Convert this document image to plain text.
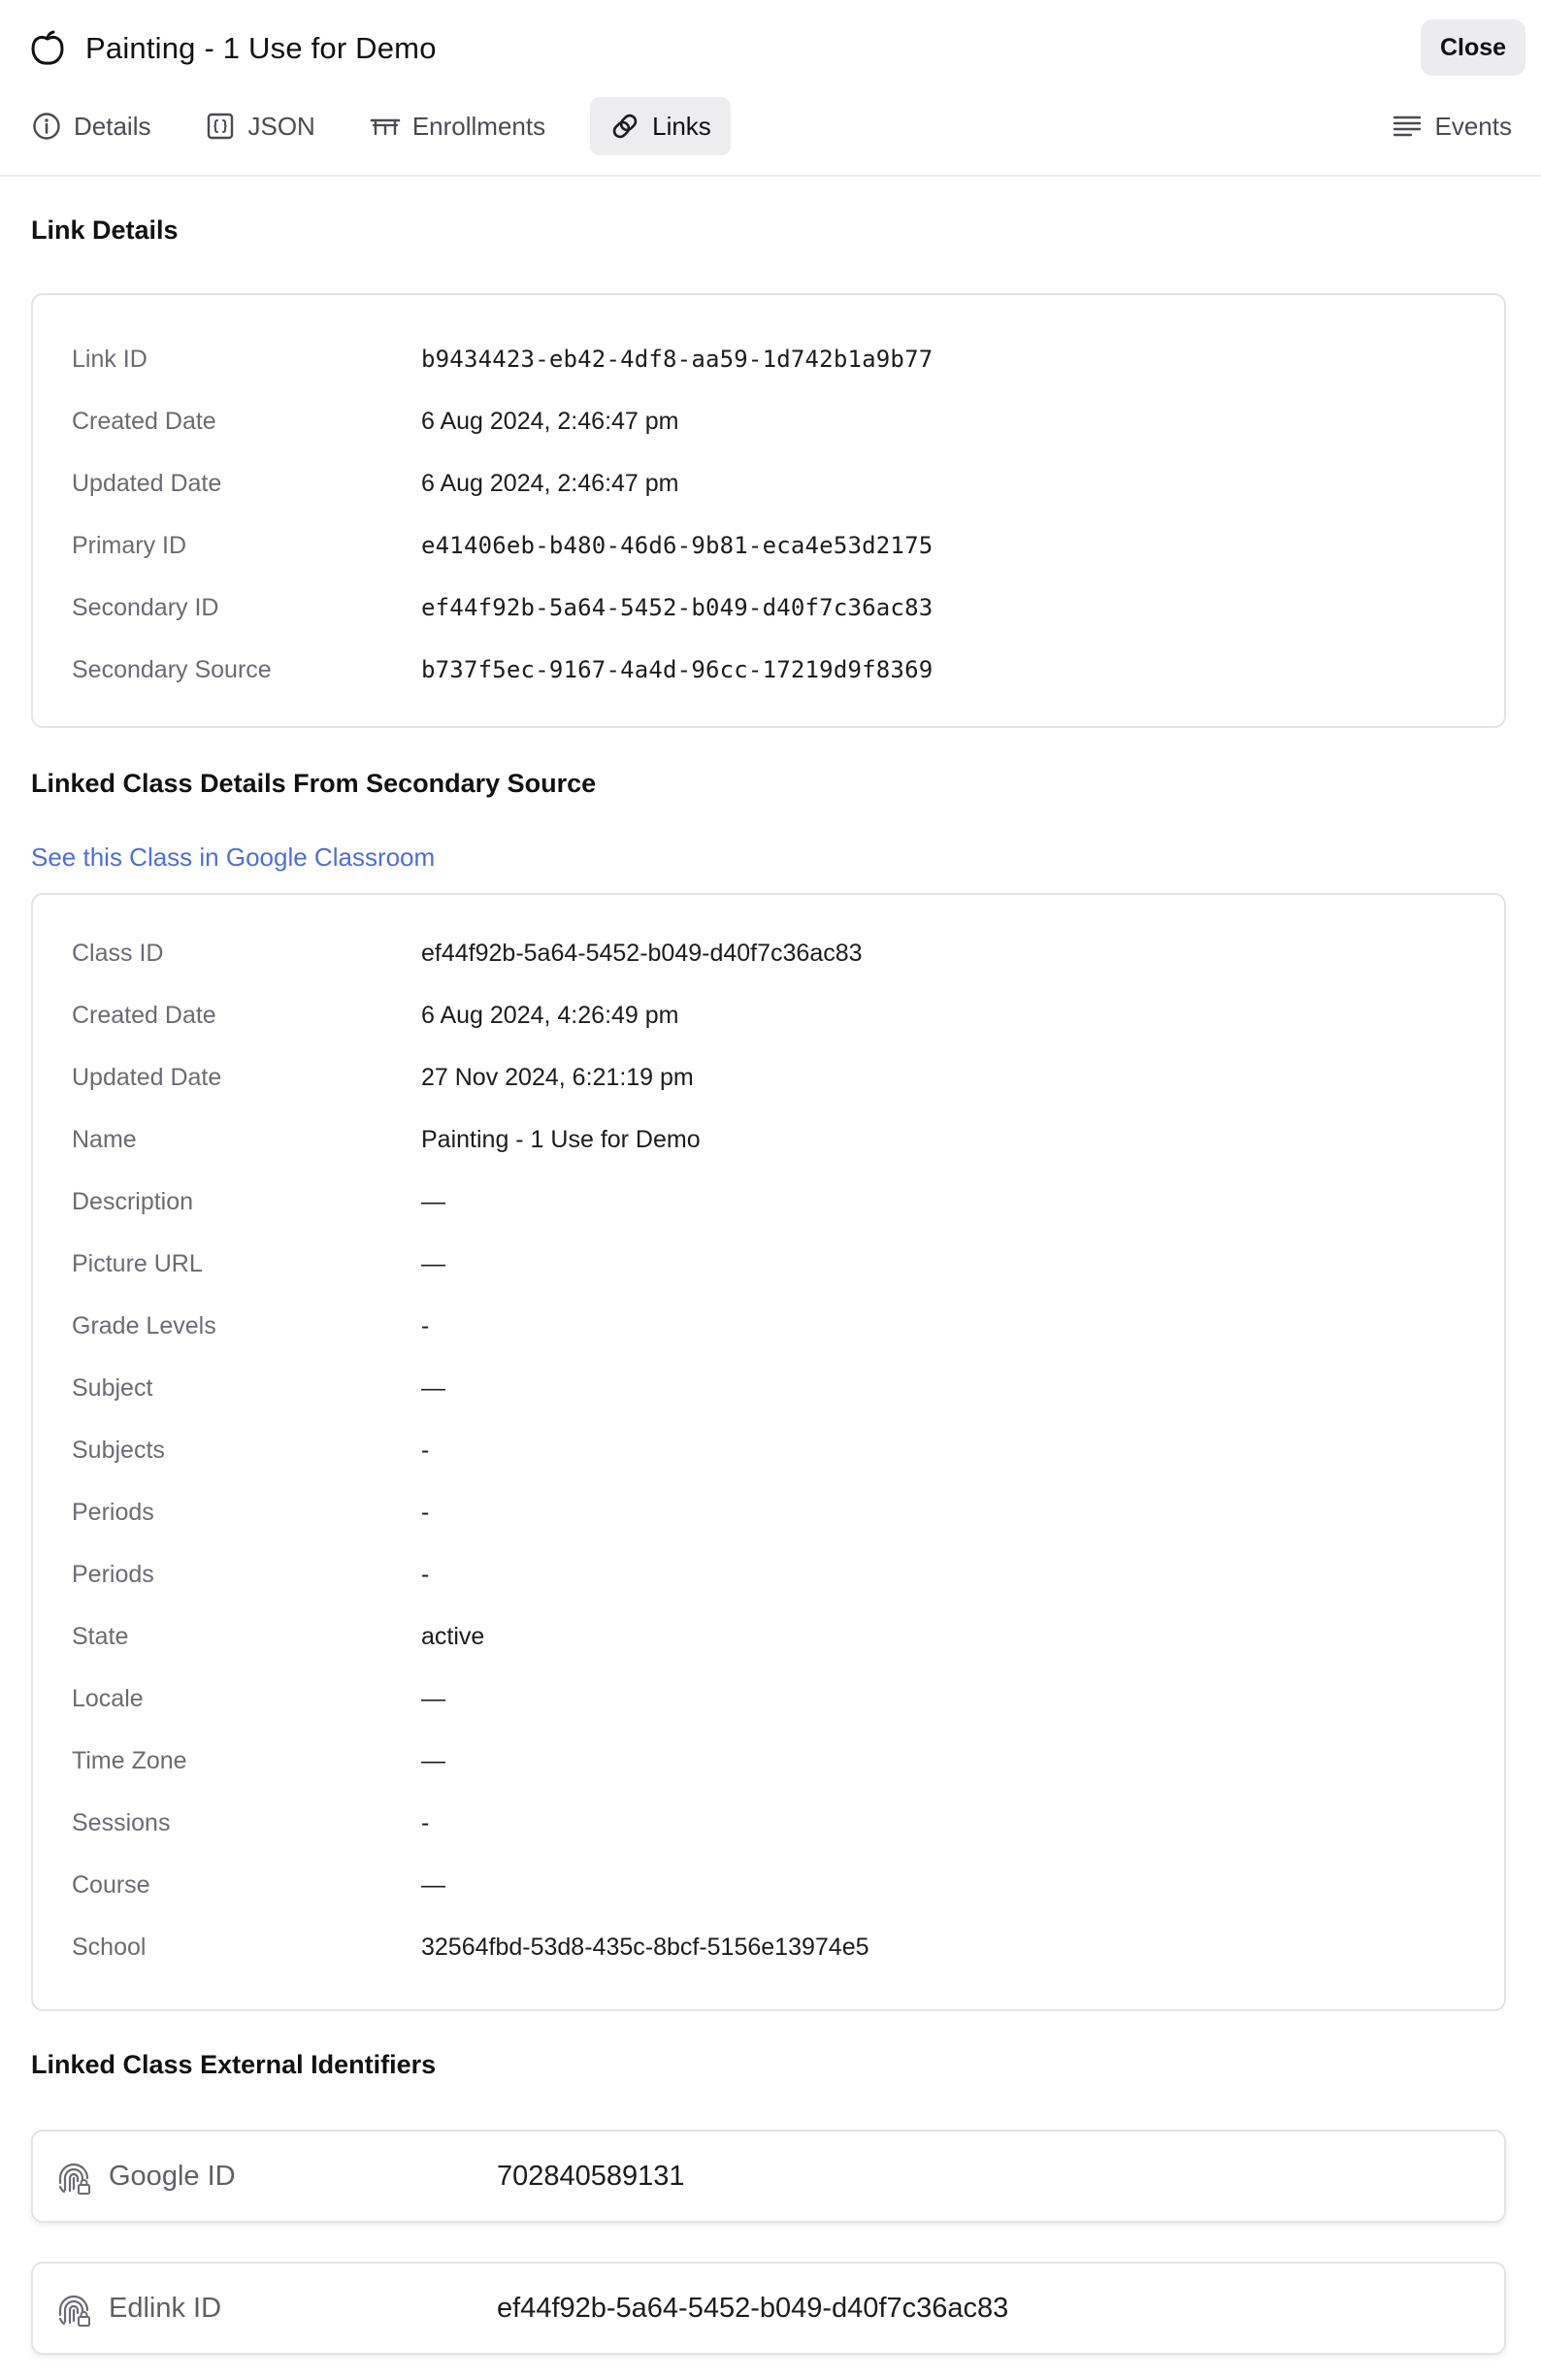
Painting - 1 Use for Demo	Close
Details	JSON	Enrollments	Links	Events
Link Details
Link ID	b9434423-eb42-4df8-aa59-1d742b1a9b77
Created Date	6 Aug 2024, 2:46:47 pm
Updated Date	6 Aug 2024, 2:46:47 pm
Primary ID	e41406eb-b480-46d6-9b81-eca4e53d2175
Secondary ID	ef44f92b-5a64-5452-b049-d40f7c36ac83
Secondary Source	b737f5ec-9167-4a4d-96cc-17219d9f8369
Linked Class Details From Secondary Source
See this Class in Google Classroom
Class ID	ef44f92b-5a64-5452-b049-d40f7c36ac83
Created Date	6 Aug 2024, 4:26:49 pm
Updated Date	27 Nov 2024, 6:21:19 pm
Name	Painting - 1 Use for Demo
Description	—
Picture URL	—
Grade Levels	-
Subject	—
Subjects	-
Periods	-
Periods	-
State	active
Locale	—
Time Zone	—
Sessions	-
Course	—
School	32564fbd-53d8-435c-8bcf-5156e13974e5
Linked Class External Identifiers
Google ID	702840589131
Edlink ID	ef44f92b-5a64-5452-b049-d40f7c36ac83
